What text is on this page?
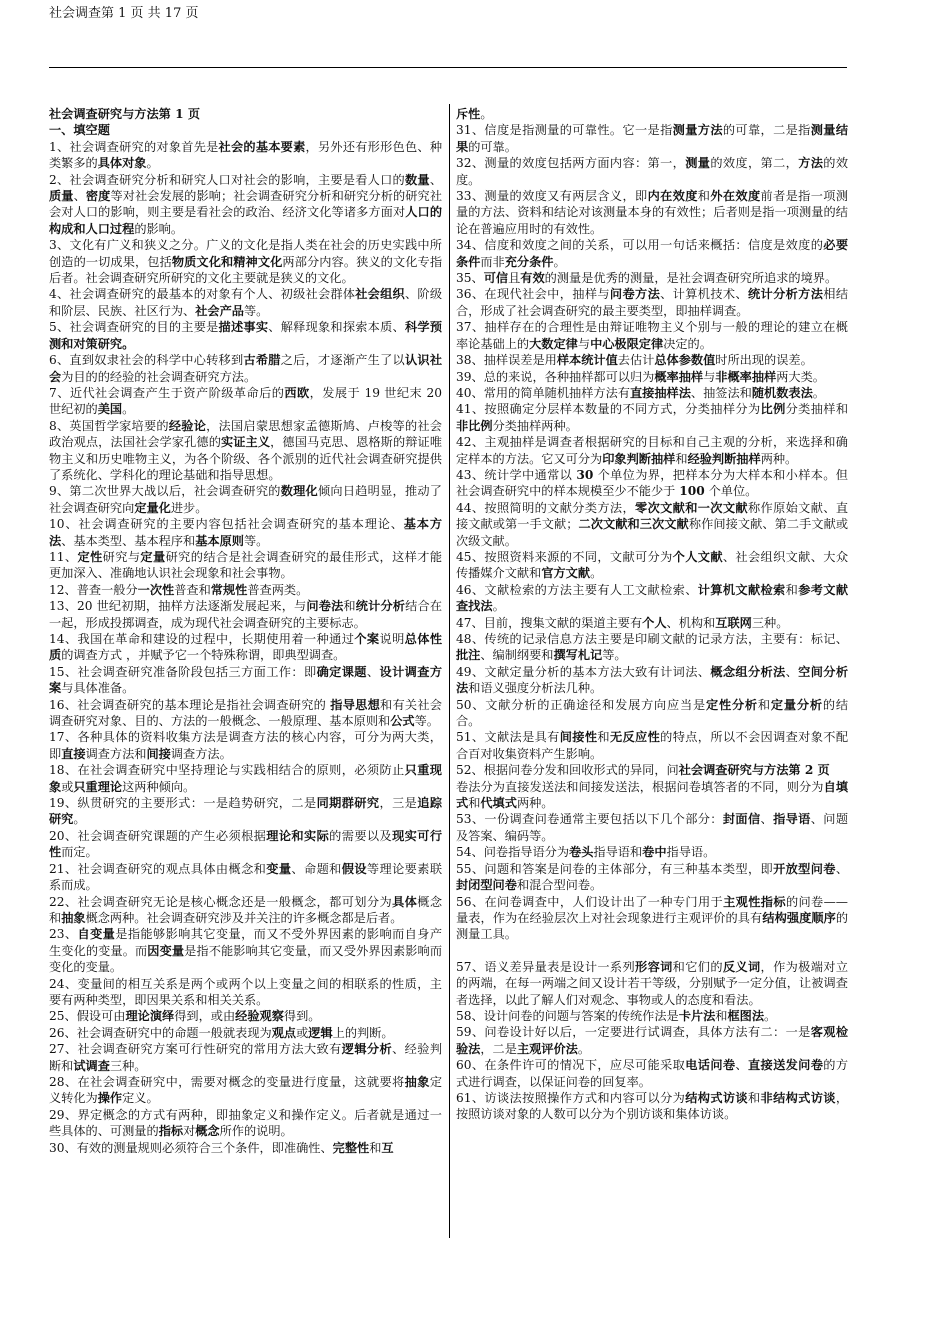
社会调查第 1 页 共 17 页

社会调查研究与方法第 1 页

一、填空题

1、社会调查研究的对象首先是社会的基本要素，另外还有形形色色、种类繁多的具体对象。

2、社会调查研究分析和研究人口对社会的影响，主要是看人口的数量、质量、密度等对社会发展的影响；社会调查研究分析和研究分析的研究社会对人口的影响，则主要是看社会的政治、经济文化等诸多方面对人口的构成和人口过程的影响。

3、文化有广义和狭义之分。广义的文化是指人类在社会的历史实践中所创造的一切成果，包括物质文化和精神文化两部分内容。狭义的文化专指后者。社会调查研究所研究的文化主要就是狭义的文化。

4、社会调查研究的最基本的对象有个人、初级社会群体社会组织、阶级和阶层、民族、社区行为、社会产品等。

5、社会调查研究的目的主要是描述事实、解释现象和探索本质、科学预测和对策研究。

6、直到奴隶社会的科学中心转移到古希腊之后，才逐渐产生了以认识社会为目的的经验的社会调查研究方法。

7、近代社会调查产生于资产阶级革命后的西欧，发展于 19 世纪末 20 世纪初的美国。

8、英国哲学家培要的经验论，法国启蒙思想家孟德斯鸠、卢梭等的社会政治观点，法国社会学家孔德的实证主义，德国马克思、恩格斯的辩证唯物主义和历史唯物主义，为各个阶级、各个派别的近代社会调查研究提供了系统化、学科化的理论基础和指导思想。

9、第二次世界大战以后，社会调查研究的数理化倾向日趋明显，推动了社会调查研究向定量化进步。

10、社会调查研究的主要内容包括社会调查研究的基本理论、基本方法、基本类型、基本程序和基本原则等。

11、定性研究与定量研究的结合是社会调查研究的最佳形式，这样才能更加深入、准确地认识社会现象和社会事物。

12、普查一般分一次性普查和常规性普查两类。

13、20 世纪初期，抽样方法逐渐发展起来，与问卷法和统计分析结合在一起，形成投掷调查，成为现代社会调查研究的主要标志。

14、我国在革命和建设的过程中，长期使用着一种通过个案说明总体性质的调查方式 ，并赋予它一个特殊称谓，即典型调查。

15、社会调查研究准备阶段包括三方面工作：即确定课题、设计调查方案与具体准备。

16、社会调查研究的基本理论是指社会调查研究的 指导思想和有关社会调查研究对象、目的、方法的一般概念、一般原理、基本原则和公式等。

17、各种具体的资料收集方法是调查方法的核心内容，可分为两大类，即直接调查方法和间接调查方法。

18、在社会调查研究中坚持理论与实践相结合的原则，必须防止只重现象或只重理论这两种倾向。

19、纵贯研究的主要形式：一是趋势研究，二是同期群研究，三是追踪研究。

20、社会调查研究课题的产生必须根据理论和实际的需要以及现实可行性而定。

21、社会调查研究的观点具体由概念和变量、命题和假设等理论要素联系而成。

22、社会调查研究无论是核心概念还是一般概念，都可划分为具体概念和抽象概念两种。社会调查研究涉及并关注的许多概念都是后者。

23、自变量是指能够影响其它变量，而又不受外界因素的影响而自身产生变化的变量。而因变量是指不能影响其它变量，而又受外界因素影响而变化的变量。

24、变量间的相互关系是两个或两个以上变量之间的相联系的性质，主要有两种类型，即因果关系和相关关系。

25、假设可由理论演绎得到，或由经验观察得到。

26、社会调查研究中的命题一般就表现为观点或逻辑上的判断。

27、社会调查研究方案可行性研究的常用方法大致有逻辑分析、经验判断和试调查三种。

28、在社会调查研究中，需要对概念的变量进行度量，这就要将抽象定义转化为操作定义。

29、界定概念的方式有两种，即抽象定义和操作定义。后者就是通过一些具体的、可测量的指标对概念所作的说明。

30、有效的测量规则必须符合三个条件，即准确性、完整性和互

斥性。

31、信度是指测量的可靠性。它一是指测量方法的可靠，二是指测量结果的可靠。

32、测量的效度包括两方面内容：第一，测量的效度，第二，方法的效度。

33、测量的效度又有两层含义，即内在效度和外在效度前者是指一项测量的方法、资料和结论对该测量本身的有效性；后者则是指一项测量的结论在普遍应用时的有效性。

34、信度和效度之间的关系，可以用一句话来概括：信度是效度的必要条件而非充分条件。

35、可信且有效的测量是优秀的测量，是社会调查研究所追求的境界。

36、在现代社会中，抽样与问卷方法、计算机技术、统计分析方法相结合，形成了社会调查研究的最主要类型，即抽样调查。

37、抽样存在的合理性是由辩证唯物主义个别与一般的理论的建立在概率论基础上的大数定律与中心极限定律决定的。

38、抽样误差是用样本统计值去估计总体参数值时所出现的误差。

39、总的来说，各种抽样都可以归为概率抽样与非概率抽样两大类。

40、常用的简单随机抽样方法有直接抽样法、抽签法和随机数表法。

41、按照确定分层样本数量的不同方式，分类抽样分为比例分类抽样和非比例分类抽样两种。

42、主观抽样是调查者根据研究的目标和自己主观的分析，来选择和确定样本的方法。它又可分为印象判断抽样和经验判断抽样两种。

43、统计学中通常以 30 个单位为界，把样本分为大样本和小样本。但社会调查研究中的样本规模至少不能少于 100 个单位。

44、按照简明的文献分类方法，零次文献和一次文献称作原始文献、直接文献或第一手文献；二次文献和三次文献称作间接文献、第二手文献或次级文献。

45、按照资料来源的不同，文献可分为个人文献、社会组织文献、大众传播媒介文献和官方文献。

46、文献检索的方法主要有人工文献检索、计算机文献检索和参考文献查找法。

47、目前，搜集文献的渠道主要有个人、机构和互联网三种。

48、传统的记录信息方法主要是印刷文献的记录方法，主要有：标记、批注、编制纲要和撰写札记等。

49、文献定量分析的基本方法大致有计词法、概念组分析法、空间分析法和语义强度分析法几种。

50、文献分析的正确途径和发展方向应当是定性分析和定量分析的结合。

51、文献法是具有间接性和无反应性的特点，所以不会因调查对象不配合百对收集资料产生影响。

52、根据问卷分发和回收形式的异同，问社会调查研究与方法第 2 页

卷法分为直接发送法和间接发送法，根据问卷填答者的不同，则分为自填式和代填式两种。

53、一份调查问卷通常主要包括以下几个部分：封面信、指导语、问题及答案、编码等。

54、问卷指导语分为卷头指导语和卷中指导语。

55、问题和答案是问卷的主体部分，有三种基本类型，即开放型问卷、封闭型问卷和混合型问卷。

56、在问卷调查中，人们设计出了一种专门用于主观性指标的问卷——量表，作为在经验层次上对社会现象进行主观评价的具有结构强度顺序的测量工具。

57、语义差异量表是设计一系列形容词和它们的反义词，作为极端对立的两端，在每一两端之间又设计若干等级，分别赋予一定分值，让被调查者选择，以此了解人们对观念、事物或人的态度和看法。

58、设计问卷的问题与答案的传统作法是卡片法和框图法。

59、问卷设计好以后，一定要进行试调查，具体方法有二：一是客观检验法，二是主观评价法。

60、在条件许可的情况下，应尽可能采取电话问卷、直接送发问卷的方式进行调查，以保证问卷的回复率。

61、访谈法按照操作方式和内容可以分为结构式访谈和非结构式访谈，按照访谈对象的人数可以分为个别访谈和集体访谈。
